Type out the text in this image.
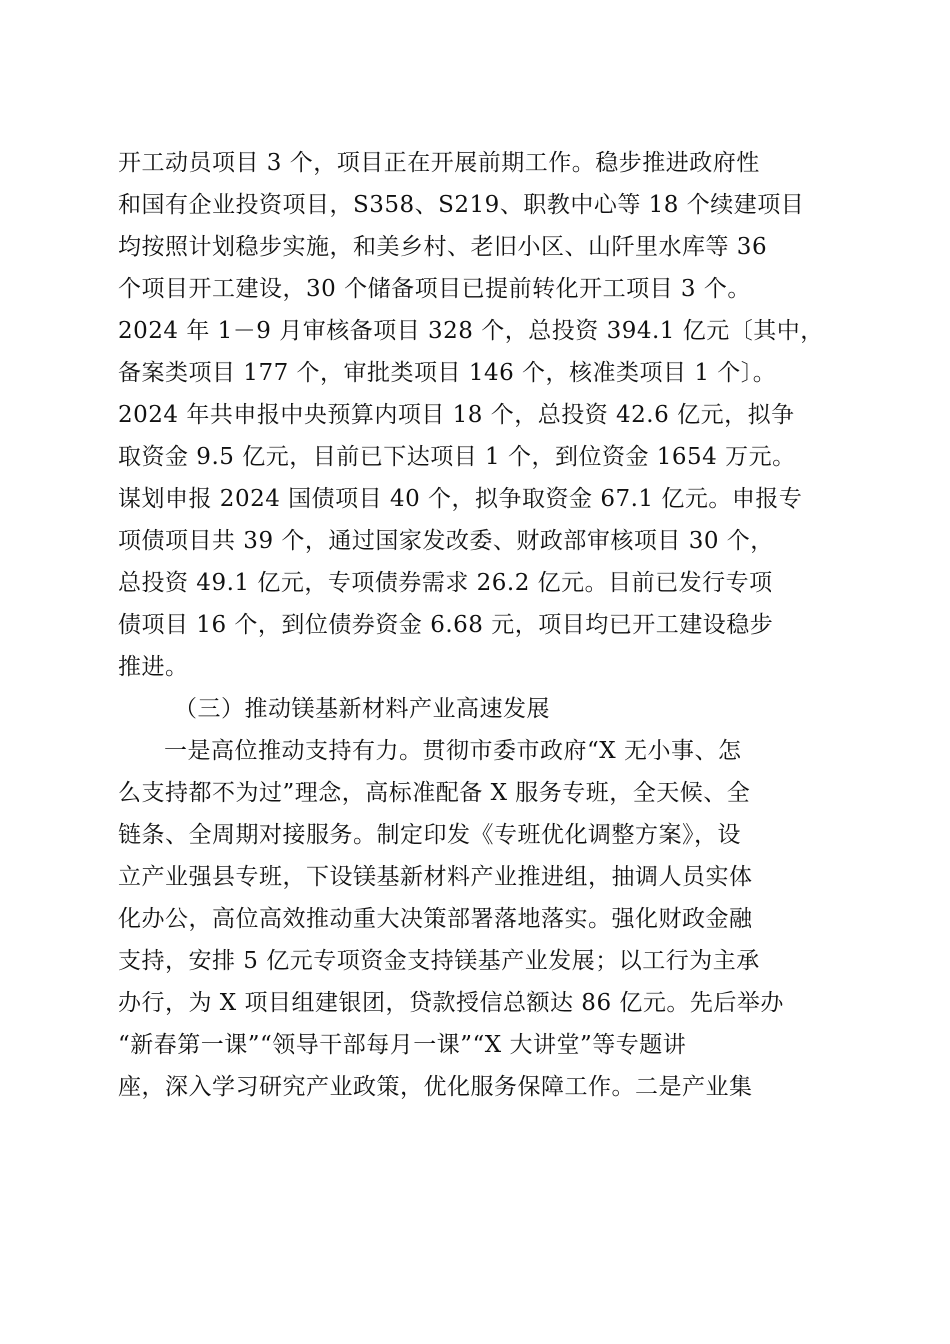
开工动员项目 3 个，项目正在开展前期工作。稳步推进政府性
和国有企业投资项目，S358、S219、职教中心等 18 个续建项目
均按照计划稳步实施，和美乡村、老旧小区、山阡里水库等 36
个项目开工建设，30 个储备项目已提前转化开工项目 3 个。
2024 年 1－9 月审核备项目 328 个，总投资 394.1 亿元〔其中，
备案类项目 177 个，审批类项目 146 个，核准类项目 1 个〕。
2024 年共申报中央预算内项目 18 个，总投资 42.6 亿元，拟争
取资金 9.5 亿元，目前已下达项目 1 个，到位资金 1654 万元。
谋划申报 2024 国债项目 40 个，拟争取资金 67.1 亿元。申报专
项债项目共 39 个，通过国家发改委、财政部审核项目 30 个，
总投资 49.1 亿元，专项债券需求 26.2 亿元。目前已发行专项
债项目 16 个，到位债券资金 6.68 元，项目均已开工建设稳步
推进。
（三）推动镁基新材料产业高速发展
一是高位推动支持有力。贯彻市委市政府“X 无小事、怎
么支持都不为过”理念，高标准配备 X 服务专班，全天候、全
链条、全周期对接服务。制定印发《专班优化调整方案》，设
立产业强县专班，下设镁基新材料产业推进组，抽调人员实体
化办公，高位高效推动重大决策部署落地落实。强化财政金融
支持，安排 5 亿元专项资金支持镁基产业发展；以工行为主承
办行，为 X 项目组建银团，贷款授信总额达 86 亿元。先后举办
“新春第一课”“领导干部每月一课”“X 大讲堂”等专题讲
座，深入学习研究产业政策，优化服务保障工作。二是产业集
